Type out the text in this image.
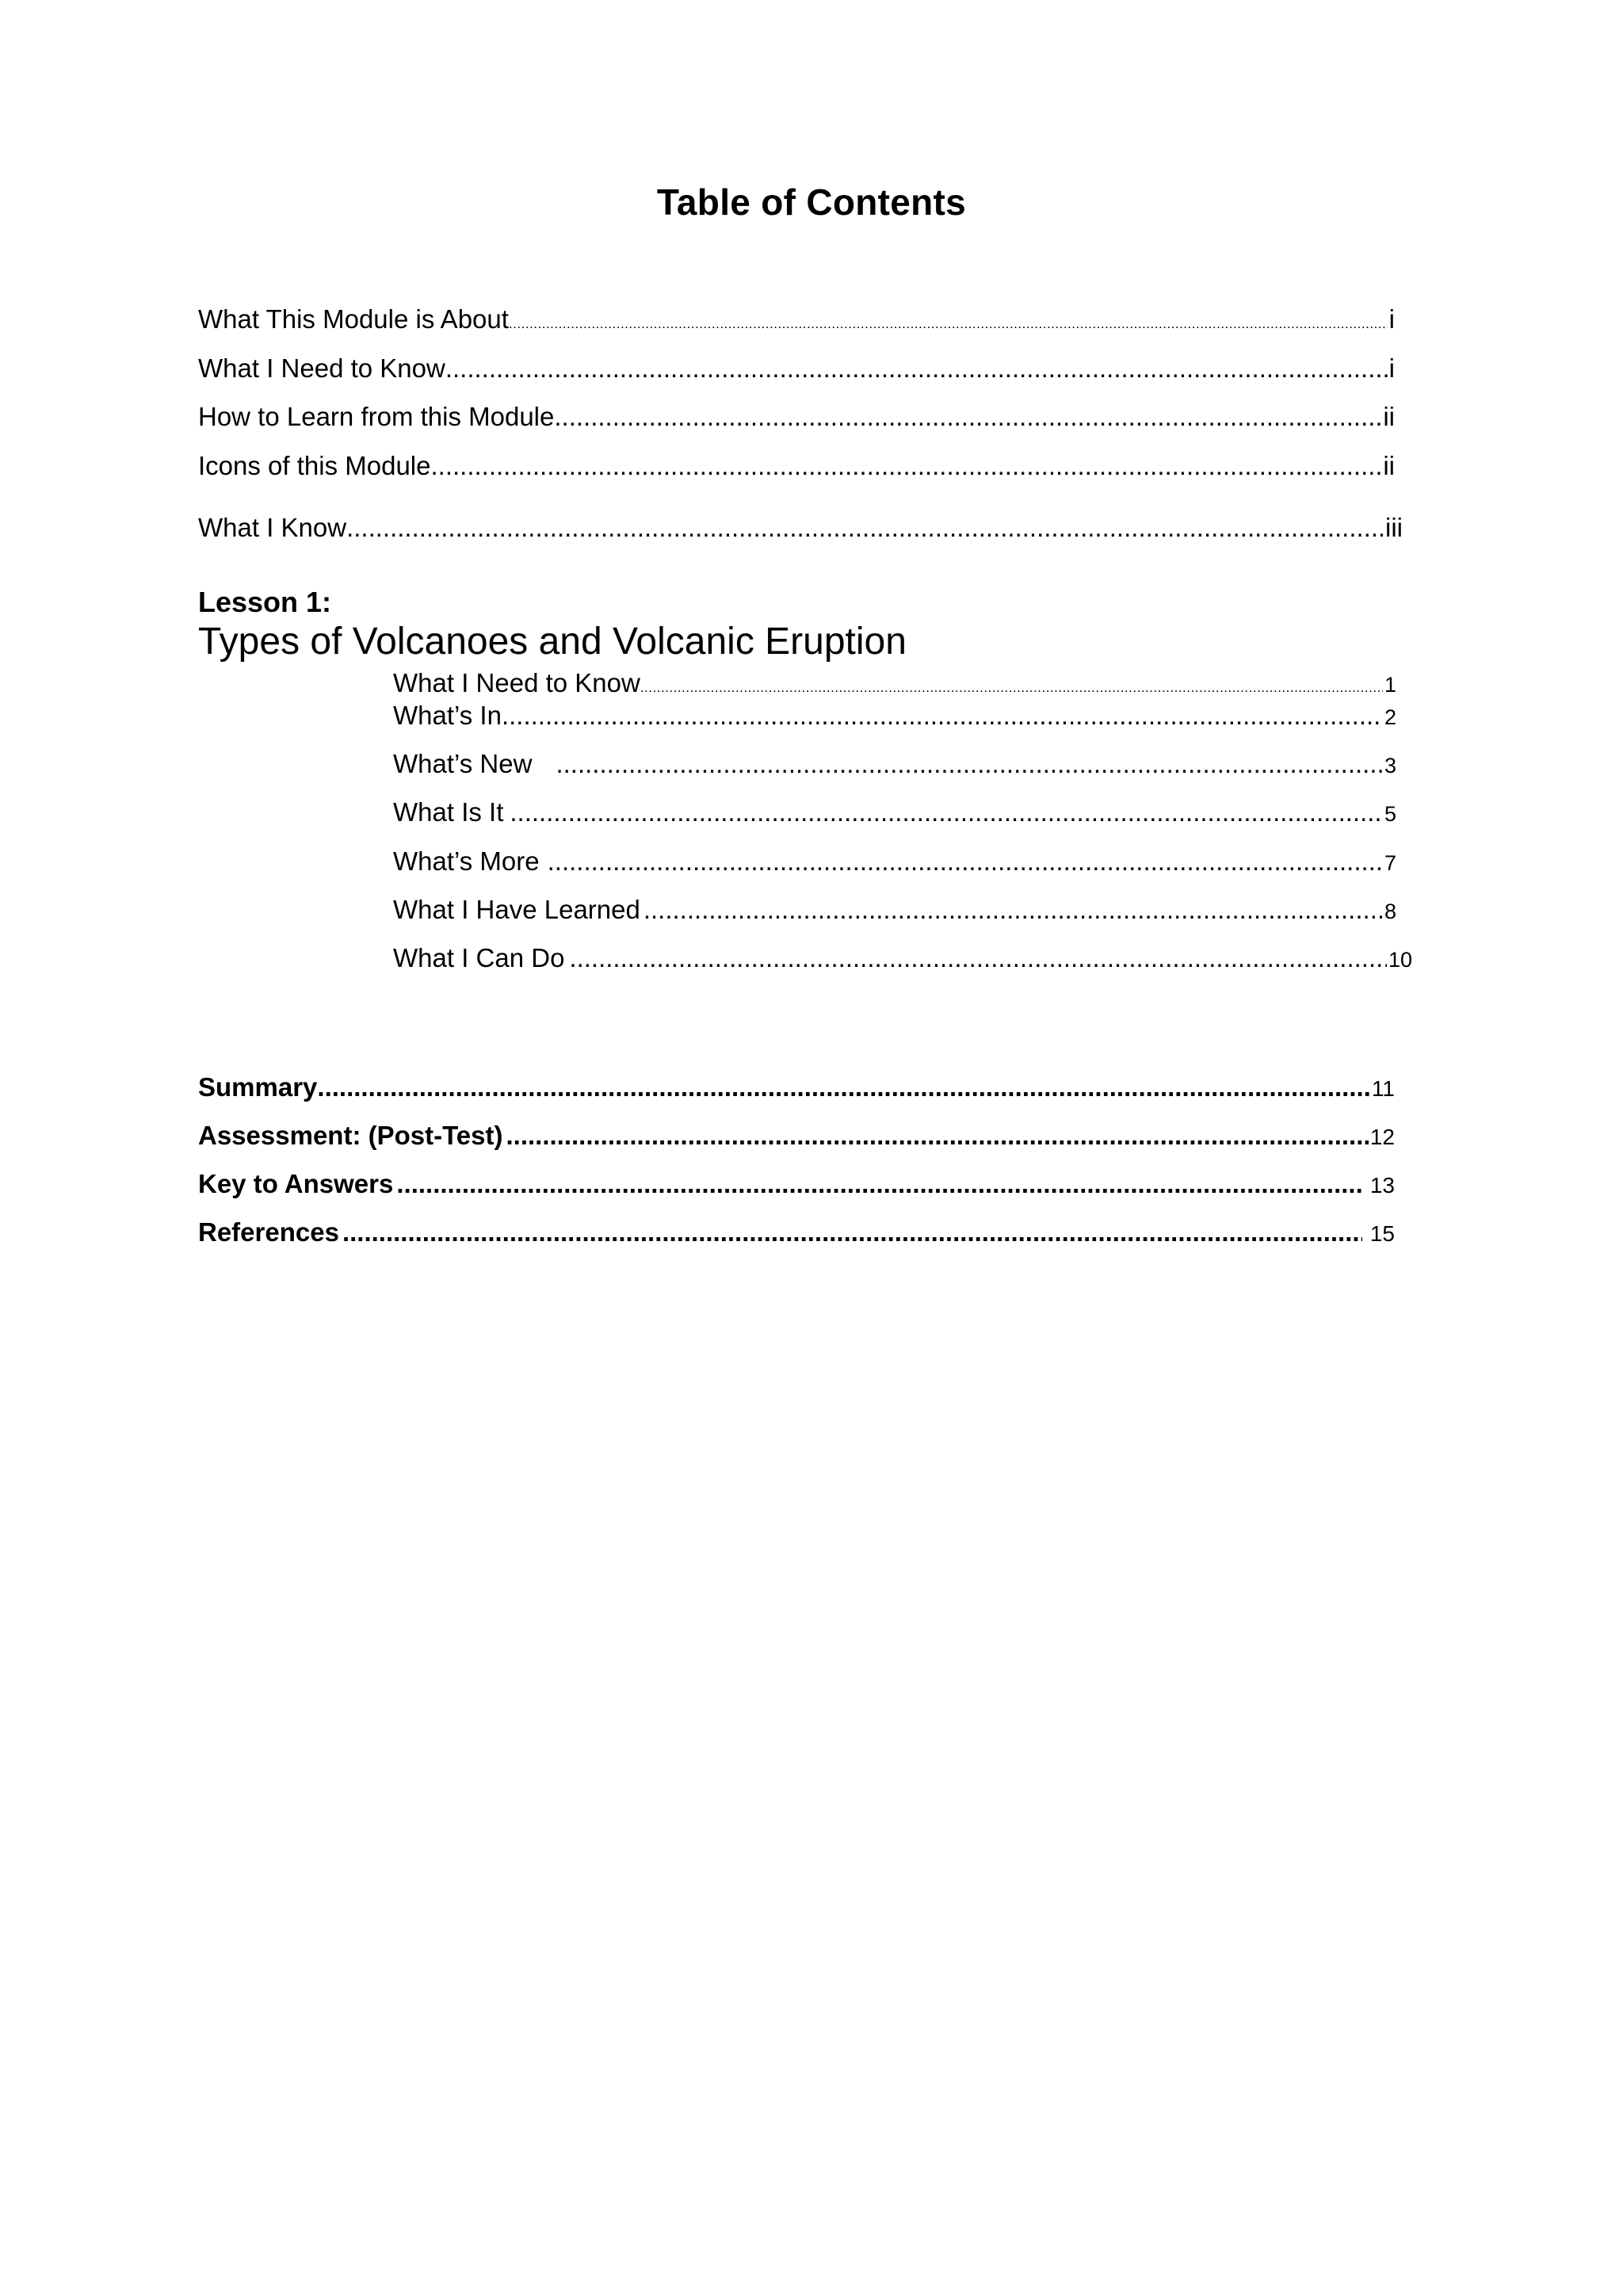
Table of Contents
What This Module is About .....	i
What I Need to Know .....	i
How to Learn from this Module .....	ii
Icons of this Module .....	ii
What I Know .....	.iii
Lesson 1:
Types of Volcanoes and Volcanic Eruption
What I Need to Know .....	1
What’s In .....	2
What’s New .....	3
What Is It .....	5
What’s More .....	7
What I Have Learned .....	8
What I Can Do .....	10
Summary .....	11
Assessment: (Post-Test) .....	12
Key to Answers .....	13
References .....	15
